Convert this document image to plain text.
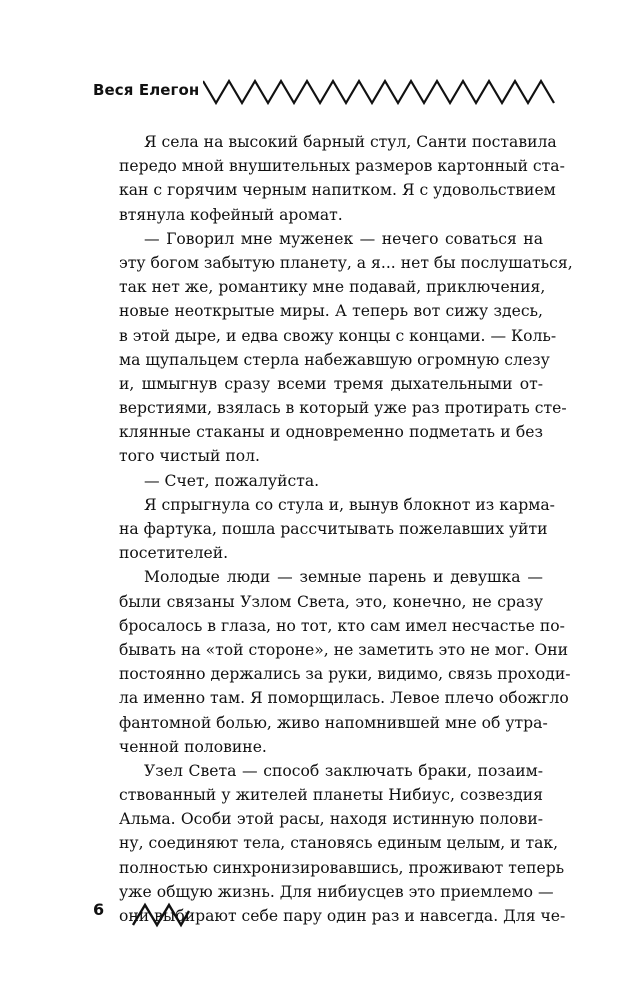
Веся Елегон
Я села на высокий барный стул, Санти поставила
передо мной внушительных размеров картонный ста-
кан с горячим черным напитком. Я с удовольствием
втянула кофейный аромат.
— Говорил мне муженек — нечего соваться на
эту богом забытую планету, а я... нет бы послушаться,
так нет же, романтику мне подавай, приключения,
новые неоткрытые миры. А теперь вот сижу здесь,
в этой дыре, и едва свожу концы с концами. — Коль-
ма щупальцем стерла набежавшую огромную слезу
и, шмыгнув сразу всеми тремя дыхательными от-
верстиями, взялась в который уже раз протирать сте-
клянные стаканы и одновременно подметать и без
того чистый пол.
— Счет, пожалуйста.
Я спрыгнула со стула и, вынув блокнот из карма-
на фартука, пошла рассчитывать пожелавших уйти
посетителей.
Молодые люди — земные парень и девушка —
были связаны Узлом Света, это, конечно, не сразу
бросалось в глаза, но тот, кто сам имел несчастье по-
бывать на «той стороне», не заметить это не мог. Они
постоянно держались за руки, видимо, связь проходи-
ла именно там. Я поморщилась. Левое плечо обожгло
фантомной болью, живо напомнившей мне об утра-
ченной половине.
Узел Света — способ заключать браки, позаим-
ствованный у жителей планеты Нибиус, созвездия
Альма. Особи этой расы, находя истинную полови-
ну, соединяют тела, становясь единым целым, и так,
полностью синхронизировавшись, проживают теперь
уже общую жизнь. Для нибиусцев это приемлемо —
они выбирают себе пару один раз и навсегда. Для че-
6
